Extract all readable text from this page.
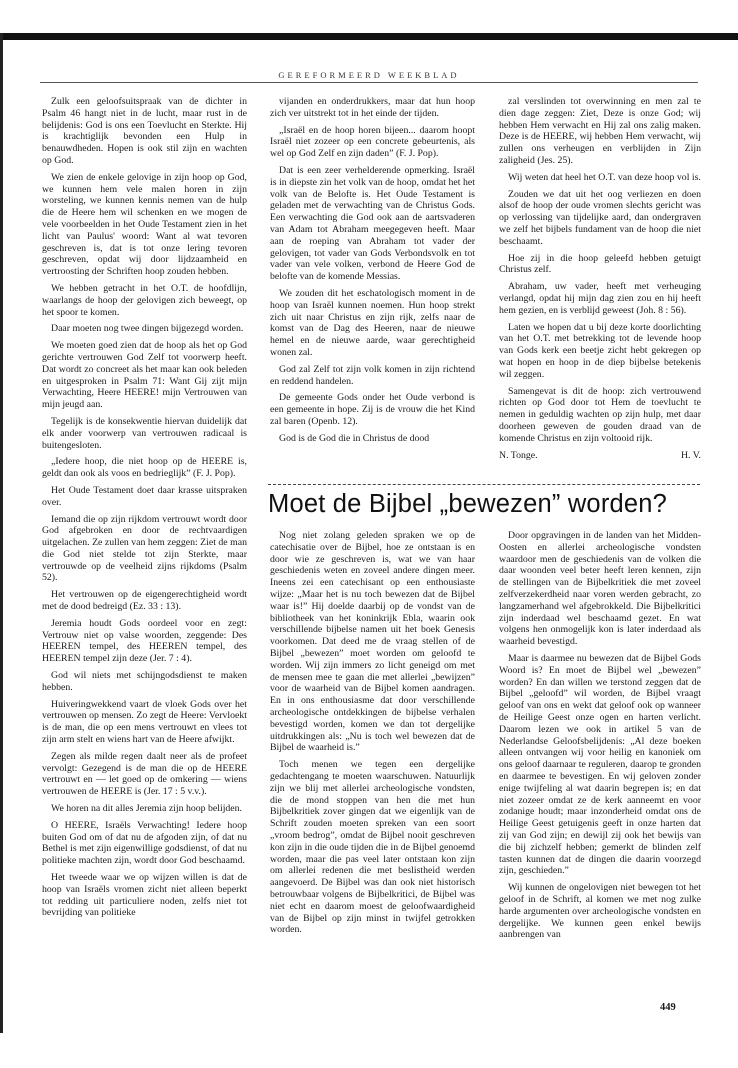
GEREFORMEERD WEEKBLAD

Zulk een geloofsuitspraak van de dichter in Psalm 46 hangt niet in de lucht, maar rust in de belijdenis: God is ons een Toevlucht en Sterkte. Hij is krachtiglijk bevonden een Hulp in benauwdheden. Hopen is ook stil zijn en wachten op God.

We zien de enkele gelovige in zijn hoop op God, we kunnen hem vele malen horen in zijn worsteling, we kunnen kennis nemen van de hulp die de Heere hem wil schenken en we mogen de vele voorbeelden in het Oude Testament zien in het licht van Paulus' woord: Want al wat tevoren geschreven is, dat is tot onze lering tevoren geschreven, opdat wij door lijdzaamheid en vertroosting der Schriften hoop zouden hebben.

We hebben getracht in het O.T. de hoofdlijn, waarlangs de hoop der gelovigen zich beweegt, op het spoor te komen.

Daar moeten nog twee dingen bijgezegd worden.

We moeten goed zien dat de hoop als het op God gerichte vertrouwen God Zelf tot voorwerp heeft. Dat wordt zo concreet als het maar kan ook beleden en uitgesproken in Psalm 71: Want Gij zijt mijn Verwachting, Heere HEERE! mijn Vertrouwen van mijn jeugd aan.

Tegelijk is de konsekwentie hiervan duidelijk dat elk ander voorwerp van vertrouwen radicaal is buitengesloten.

„Iedere hoop, die niet hoop op de HEERE is, geldt dan ook als voos en bedrieglijk” (F. J. Pop).

Het Oude Testament doet daar krasse uitspraken over.

Iemand die op zijn rijkdom vertrouwt wordt door God afgebroken en door de rechtvaardigen uitgelachen. Ze zullen van hem zeggen: Ziet de man die God niet stelde tot zijn Sterkte, maar vertrouwde op de veelheid zijns rijkdoms (Psalm 52).

Het vertrouwen op de eigengerechtigheid wordt met de dood bedreigd (Ez. 33 : 13).

Jeremia houdt Gods oordeel voor en zegt: Vertrouw niet op valse woorden, zeggende: Des HEEREN tempel, des HEEREN tempel, des HEEREN tempel zijn deze (Jer. 7 : 4).

God wil niets met schijngodsdienst te maken hebben.

Huiveringwekkend vaart de vloek Gods over het vertrouwen op mensen. Zo zegt de Heere: Vervloekt is de man, die op een mens vertrouwt en vlees tot zijn arm stelt en wiens hart van de Heere afwijkt.

Zegen als milde regen daalt neer als de profeet vervolgt: Gezegend is de man die op de HEERE vertrouwt en — let goed op de omkering — wiens vertrouwen de HEERE is (Jer. 17 : 5 v.v.).

We horen na dit alles Jeremia zijn hoop belijden.

O HEERE, Israëls Verwachting! Iedere hoop buiten God om of dat nu de afgoden zijn, of dat nu Bethel is met zijn eigenwillige godsdienst, of dat nu politieke machten zijn, wordt door God beschaamd.

Het tweede waar we op wijzen willen is dat de hoop van Israëls vromen zicht niet alleen beperkt tot redding uit particuliere noden, zelfs niet tot bevrijding van politieke

vijanden en onderdrukkers, maar dat hun hoop zich ver uitstrekt tot in het einde der tijden.

„Israël en de hoop horen bijeen... daarom hoopt Israël niet zozeer op een concrete gebeurtenis, als wel op God Zelf en zijn daden” (F. J. Pop).

Dat is een zeer verhelderende opmerking. Israël is in diepste zin het volk van de hoop, omdat het het volk van de Belofte is. Het Oude Testament is geladen met de verwachting van de Christus Gods. Een verwachting die God ook aan de aartsvaderen van Adam tot Abraham meegegeven heeft. Maar aan de roeping van Abraham tot vader der gelovigen, tot vader van Gods Verbondsvolk en tot vader van vele volken, verbond de Heere God de belofte van de komende Messias.

We zouden dit het eschatologisch moment in de hoop van Israël kunnen noemen. Hun hoop strekt zich uit naar Christus en zijn rijk, zelfs naar de komst van de Dag des Heeren, naar de nieuwe hemel en de nieuwe aarde, waar gerechtigheid wonen zal.

God zal Zelf tot zijn volk komen in zijn richtend en reddend handelen.

De gemeente Gods onder het Oude verbond is een gemeente in hope. Zij is de vrouw die het Kind zal baren (Openb. 12).

God is de God die in Christus de dood

zal verslinden tot overwinning en men zal te dien dage zeggen: Ziet, Deze is onze God; wij hebben Hem verwacht en Hij zal ons zalig maken. Deze is de HEERE, wij hebben Hem verwacht, wij zullen ons verheugen en verblijden in Zijn zaligheid (Jes. 25).

Wij weten dat heel het O.T. van deze hoop vol is.

Zouden we dat uit het oog verliezen en doen alsof de hoop der oude vromen slechts gericht was op verlossing van tijdelijke aard, dan ondergraven we zelf het bijbels fundament van de hoop die niet beschaamt.

Hoe zij in die hoop geleefd hebben getuigt Christus zelf.

Abraham, uw vader, heeft met verheuging verlangd, opdat hij mijn dag zien zou en hij heeft hem gezien, en is verblijd geweest (Joh. 8 : 56).

Laten we hopen dat u bij deze korte doorlichting van het O.T. met betrekking tot de levende hoop van Gods kerk een beetje zicht hebt gekregen op wat hopen en hoop in de diep bijbelse betekenis wil zeggen.

Samengevat is dit de hoop: zich vertrouwend richten op God door tot Hem de toevlucht te nemen in geduldig wachten op zijn hulp, met daar doorheen geweven de gouden draad van de komende Christus en zijn voltooid rijk.

N. Tonge.	H. V.
Moet de Bijbel „bewezen” worden?

Nog niet zolang geleden spraken we op de catechisatie over de Bijbel, hoe ze ontstaan is en door wie ze geschreven is, wat we van haar geschiedenis weten en zoveel andere dingen meer. Ineens zei een catechisant op een enthousiaste wijze: „Maar het is nu toch bewezen dat de Bijbel waar is!” Hij doelde daarbij op de vondst van de bibliotheek van het koninkrijk Ebla, waarin ook verschillende bijbelse namen uit het boek Genesis voorkomen. Dat deed me de vraag stellen of de Bijbel „bewezen” moet worden om geloofd te worden. Wij zijn immers zo licht geneigd om met de mensen mee te gaan die met allerlei „bewijzen” voor de waarheid van de Bijbel komen aandragen. En in ons enthousiasme dat door verschillende archeologische ontdekkingen de bijbelse verhalen bevestigd worden, komen we dan tot dergelijke uitdrukkingen als: „Nu is toch wel bewezen dat de Bijbel de waarheid is.”

Toch menen we tegen een dergelijke gedachtengang te moeten waarschuwen. Natuurlijk zijn we blij met allerlei archeologische vondsten, die de mond stoppen van hen die met hun Bijbelkritiek zover gingen dat we eigenlijk van de Schrift zouden moeten spreken van een soort „vroom bedrog”, omdat de Bijbel nooit geschreven kon zijn in die oude tijden die in de Bijbel genoemd worden, maar die pas veel later ontstaan kon zijn om allerlei redenen die met beslistheid werden aangevoerd. De Bijbel was dan ook niet historisch betrouwbaar volgens de Bijbelkritici, de Bijbel was niet echt en daarom moest de geloofwaardigheid van de Bijbel op zijn minst in twijfel getrokken worden.

Door opgravingen in de landen van het Midden-Oosten en allerlei archeologische vondsten waardoor men de geschiedenis van de volken die daar woonden veel beter heeft leren kennen, zijn de stellingen van de Bijbelkritiek die met zoveel zelfverzekerdheid naar voren werden gebracht, zo langzamerhand wel afgebrokkeld. Die Bijbelkritici zijn inderdaad wel beschaamd gezet. En wat volgens hen onmogelijk kon is later inderdaad als waarheid bevestigd.

Maar is daarmee nu bewezen dat de Bijbel Gods Woord is? En moet de Bijbel wel „bewezen” worden? En dan willen we terstond zeggen dat de Bijbel „geloofd” wil worden, de Bijbel vraagt geloof van ons en wekt dat geloof ook op wanneer de Heilige Geest onze ogen en harten verlicht. Daarom lezen we ook in artikel 5 van de Nederlandse Geloofsbelijdenis: „Al deze boeken alleen ontvangen wij voor heilig en kanoniek om ons geloof daarnaar te reguleren, daarop te gronden en daarmee te bevestigen. En wij geloven zonder enige twijfeling al wat daarin begrepen is; en dat niet zozeer omdat ze de kerk aanneemt en voor zodanige houdt; maar inzonderheid omdat ons de Heilige Geest getuigenis geeft in onze harten dat zij van God zijn; en dewijl zij ook het bewijs van die bij zichzelf hebben; gemerkt de blinden zelf tasten kunnen dat de dingen die daarin voorzegd zijn, geschieden.”

Wij kunnen de ongelovigen niet bewegen tot het geloof in de Schrift, al komen we met nog zulke harde argumenten over archeologische vondsten en dergelijke. We kunnen geen enkel bewijs aanbrengen van

449
